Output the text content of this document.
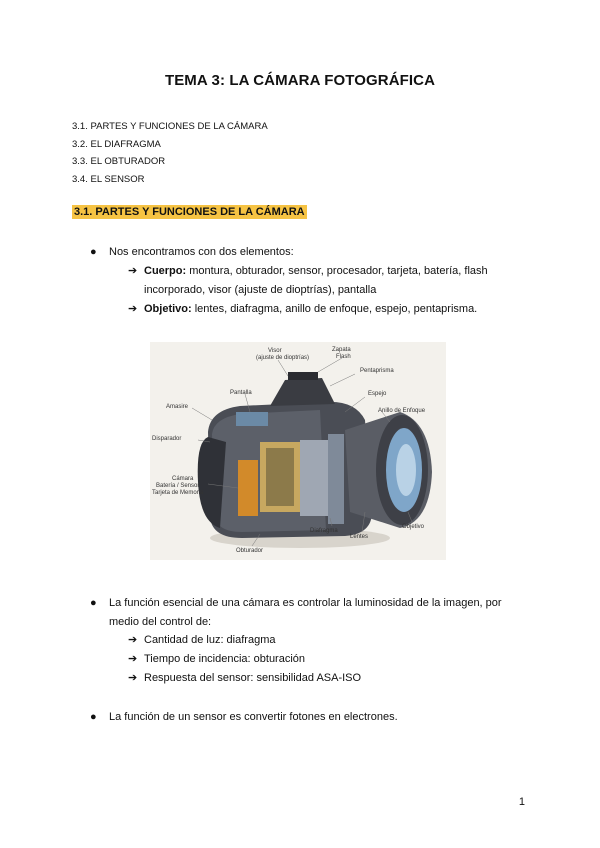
TEMA 3: LA CÁMARA FOTOGRÁFICA
3.1. PARTES Y FUNCIONES DE LA CÁMARA
3.2. EL DIAFRAGMA
3.3. EL OBTURADOR
3.4. EL SENSOR
3.1. PARTES Y FUNCIONES DE LA CÁMARA
● Nos encontramos con dos elementos:
➔ Cuerpo: montura, obturador, sensor, procesador, tarjeta, batería, flash incorporado, visor (ajuste de dioptrías), pantalla
➔ Objetivo: lentes, diafragma, anillo de enfoque, espejo, pentaprisma.
Visor
(ajuste de dioptrías)
Zapata
Flash
Pentaprisma
Espejo
Anillo de Enfoque
Pantalla
Amasire
Disparador
Cámara
Batería / Sensor
Tarjeta de Memoria
Diafragma
Lentes
Objetivo
Obturador
● La función esencial de una cámara es controlar la luminosidad de la imagen, por medio del control de:
➔ Cantidad de luz: diafragma
➔ Tiempo de incidencia: obturación
➔ Respuesta del sensor: sensibilidad ASA-ISO
● La función de un sensor es convertir fotones en electrones.
1
